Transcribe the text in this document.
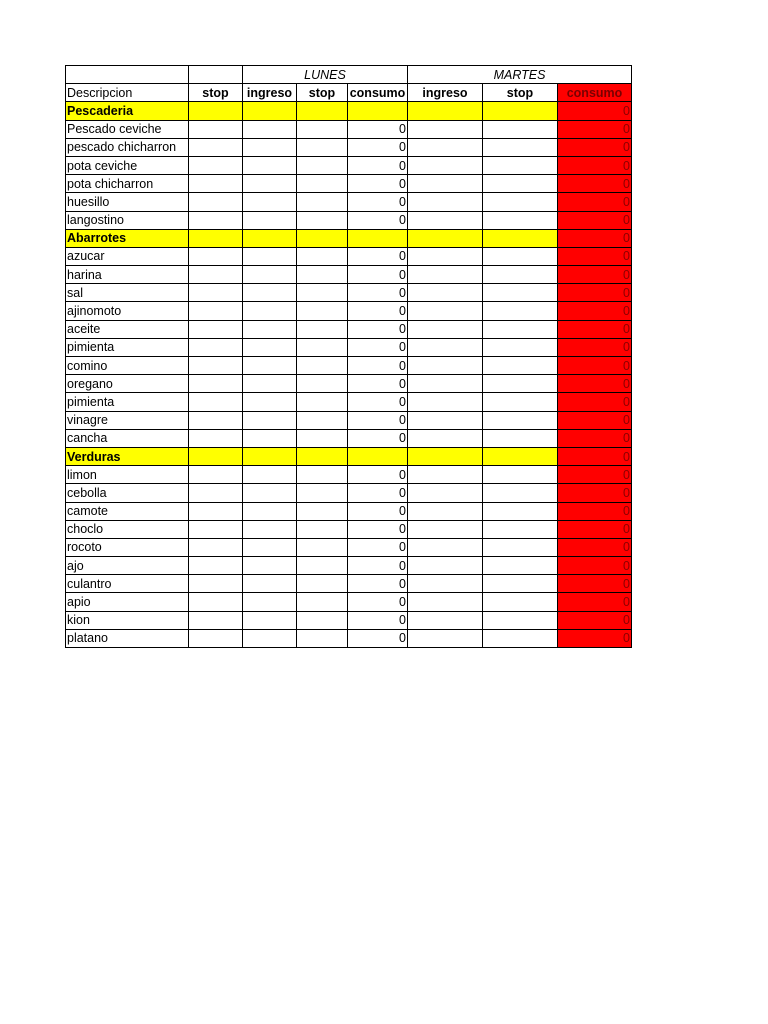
		LUNES			MARTES		
Descripcion	stop	ingreso	stop	consumo	ingreso	stop	consumo
Pescaderia							0
Pescado ceviche				0			0
pescado chicharron				0			0
pota ceviche				0			0
pota chicharron				0			0
huesillo				0			0
langostino				0			0
Abarrotes							0
azucar				0			0
harina				0			0
sal				0			0
ajinomoto				0			0
aceite				0			0
pimienta				0			0
comino				0			0
oregano				0			0
pimienta				0			0
vinagre				0			0
cancha				0			0
Verduras							0
limon				0			0
cebolla				0			0
camote				0			0
choclo				0			0
rocoto				0			0
ajo				0			0
culantro				0			0
apio				0			0
kion				0			0
platano				0			0
